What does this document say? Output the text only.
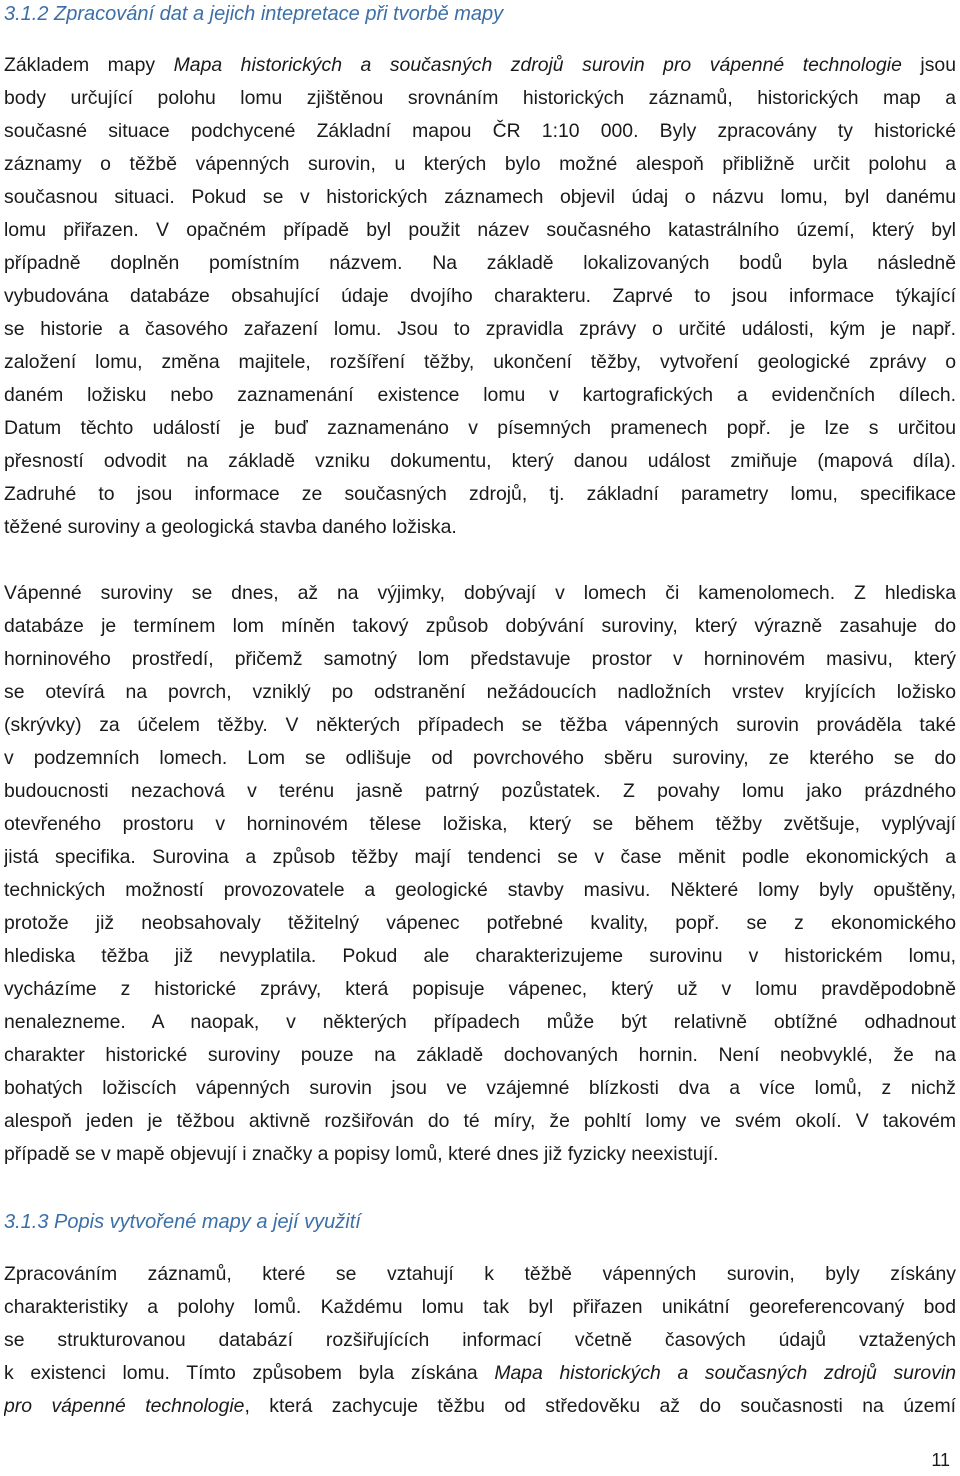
3.1.2 Zpracování dat a jejich intepretace při tvorbě mapy

Základem mapy Mapa historických a současných zdrojů surovin pro vápenné technologie jsou
body určující polohu lomu zjištěnou srovnáním historických záznamů, historických map a
současné situace podchycené Základní mapou ČR 1:10 000. Byly zpracovány ty historické
záznamy o těžbě vápenných surovin, u kterých bylo možné alespoň přibližně určit polohu a
současnou situaci. Pokud se v historických záznamech objevil údaj o názvu lomu, byl danému
lomu přiřazen. V opačném případě byl použit název současného katastrálního území, který byl
případně doplněn pomístním názvem. Na základě lokalizovaných bodů byla následně
vybudována databáze obsahující údaje dvojího charakteru. Zaprvé to jsou informace týkající
se historie a časového zařazení lomu. Jsou to zpravidla zprávy o určité události, kým je např.
založení lomu, změna majitele, rozšíření těžby, ukončení těžby, vytvoření geologické zprávy o
daném ložisku nebo zaznamenání existence lomu v kartografických a evidenčních dílech.
Datum těchto událostí je buď zaznamenáno v písemných pramenech popř. je lze s určitou
přesností odvodit na základě vzniku dokumentu, který danou událost zmiňuje (mapová díla).
Zadruhé to jsou informace ze současných zdrojů, tj. základní parametry lomu, specifikace
těžené suroviny a geologická stavba daného ložiska.

Vápenné suroviny se dnes, až na výjimky, dobývají v lomech či kamenolomech. Z hlediska
databáze je termínem lom míněn takový způsob dobývání suroviny, který výrazně zasahuje do
horninového prostředí, přičemž samotný lom představuje prostor v horninovém masivu, který
se otevírá na povrch, vzniklý po odstranění nežádoucích nadložních vrstev kryjících ložisko
(skrývky) za účelem těžby. V některých případech se těžba vápenných surovin prováděla také
v podzemních lomech. Lom se odlišuje od povrchového sběru suroviny, ze kterého se do
budoucnosti nezachová v terénu jasně patrný pozůstatek. Z povahy lomu jako prázdného
otevřeného prostoru v horninovém tělese ložiska, který se během těžby zvětšuje, vyplývají
jistá specifika. Surovina a způsob těžby mají tendenci se v čase měnit podle ekonomických a
technických možností provozovatele a geologické stavby masivu. Některé lomy byly opuštěny,
protože již neobsahovaly těžitelný vápenec potřebné kvality, popř. se z ekonomického
hlediska těžba již nevyplatila. Pokud ale charakterizujeme surovinu v historickém lomu,
vycházíme z historické zprávy, která popisuje vápenec, který už v lomu pravděpodobně
nenalezneme. A naopak, v některých případech může být relativně obtížné odhadnout
charakter historické suroviny pouze na základě dochovaných hornin. Není neobvyklé, že na
bohatých ložiscích vápenných surovin jsou ve vzájemné blízkosti dva a více lomů, z nichž
alespoň jeden je těžbou aktivně rozšiřován do té míry, že pohltí lomy ve svém okolí. V takovém
případě se v mapě objevují i značky a popisy lomů, které dnes již fyzicky neexistují.

3.1.3 Popis vytvořené mapy a její využití

Zpracováním záznamů, které se vztahují k těžbě vápenných surovin, byly získány
charakteristiky a polohy lomů. Každému lomu tak byl přiřazen unikátní georeferencovaný bod
se strukturovanou databází rozšiřujících informací včetně časových údajů vztažených
k existenci lomu. Tímto způsobem byla získána Mapa historických a současných zdrojů surovin
pro vápenné technologie, která zachycuje těžbu od středověku až do současnosti na území

11
